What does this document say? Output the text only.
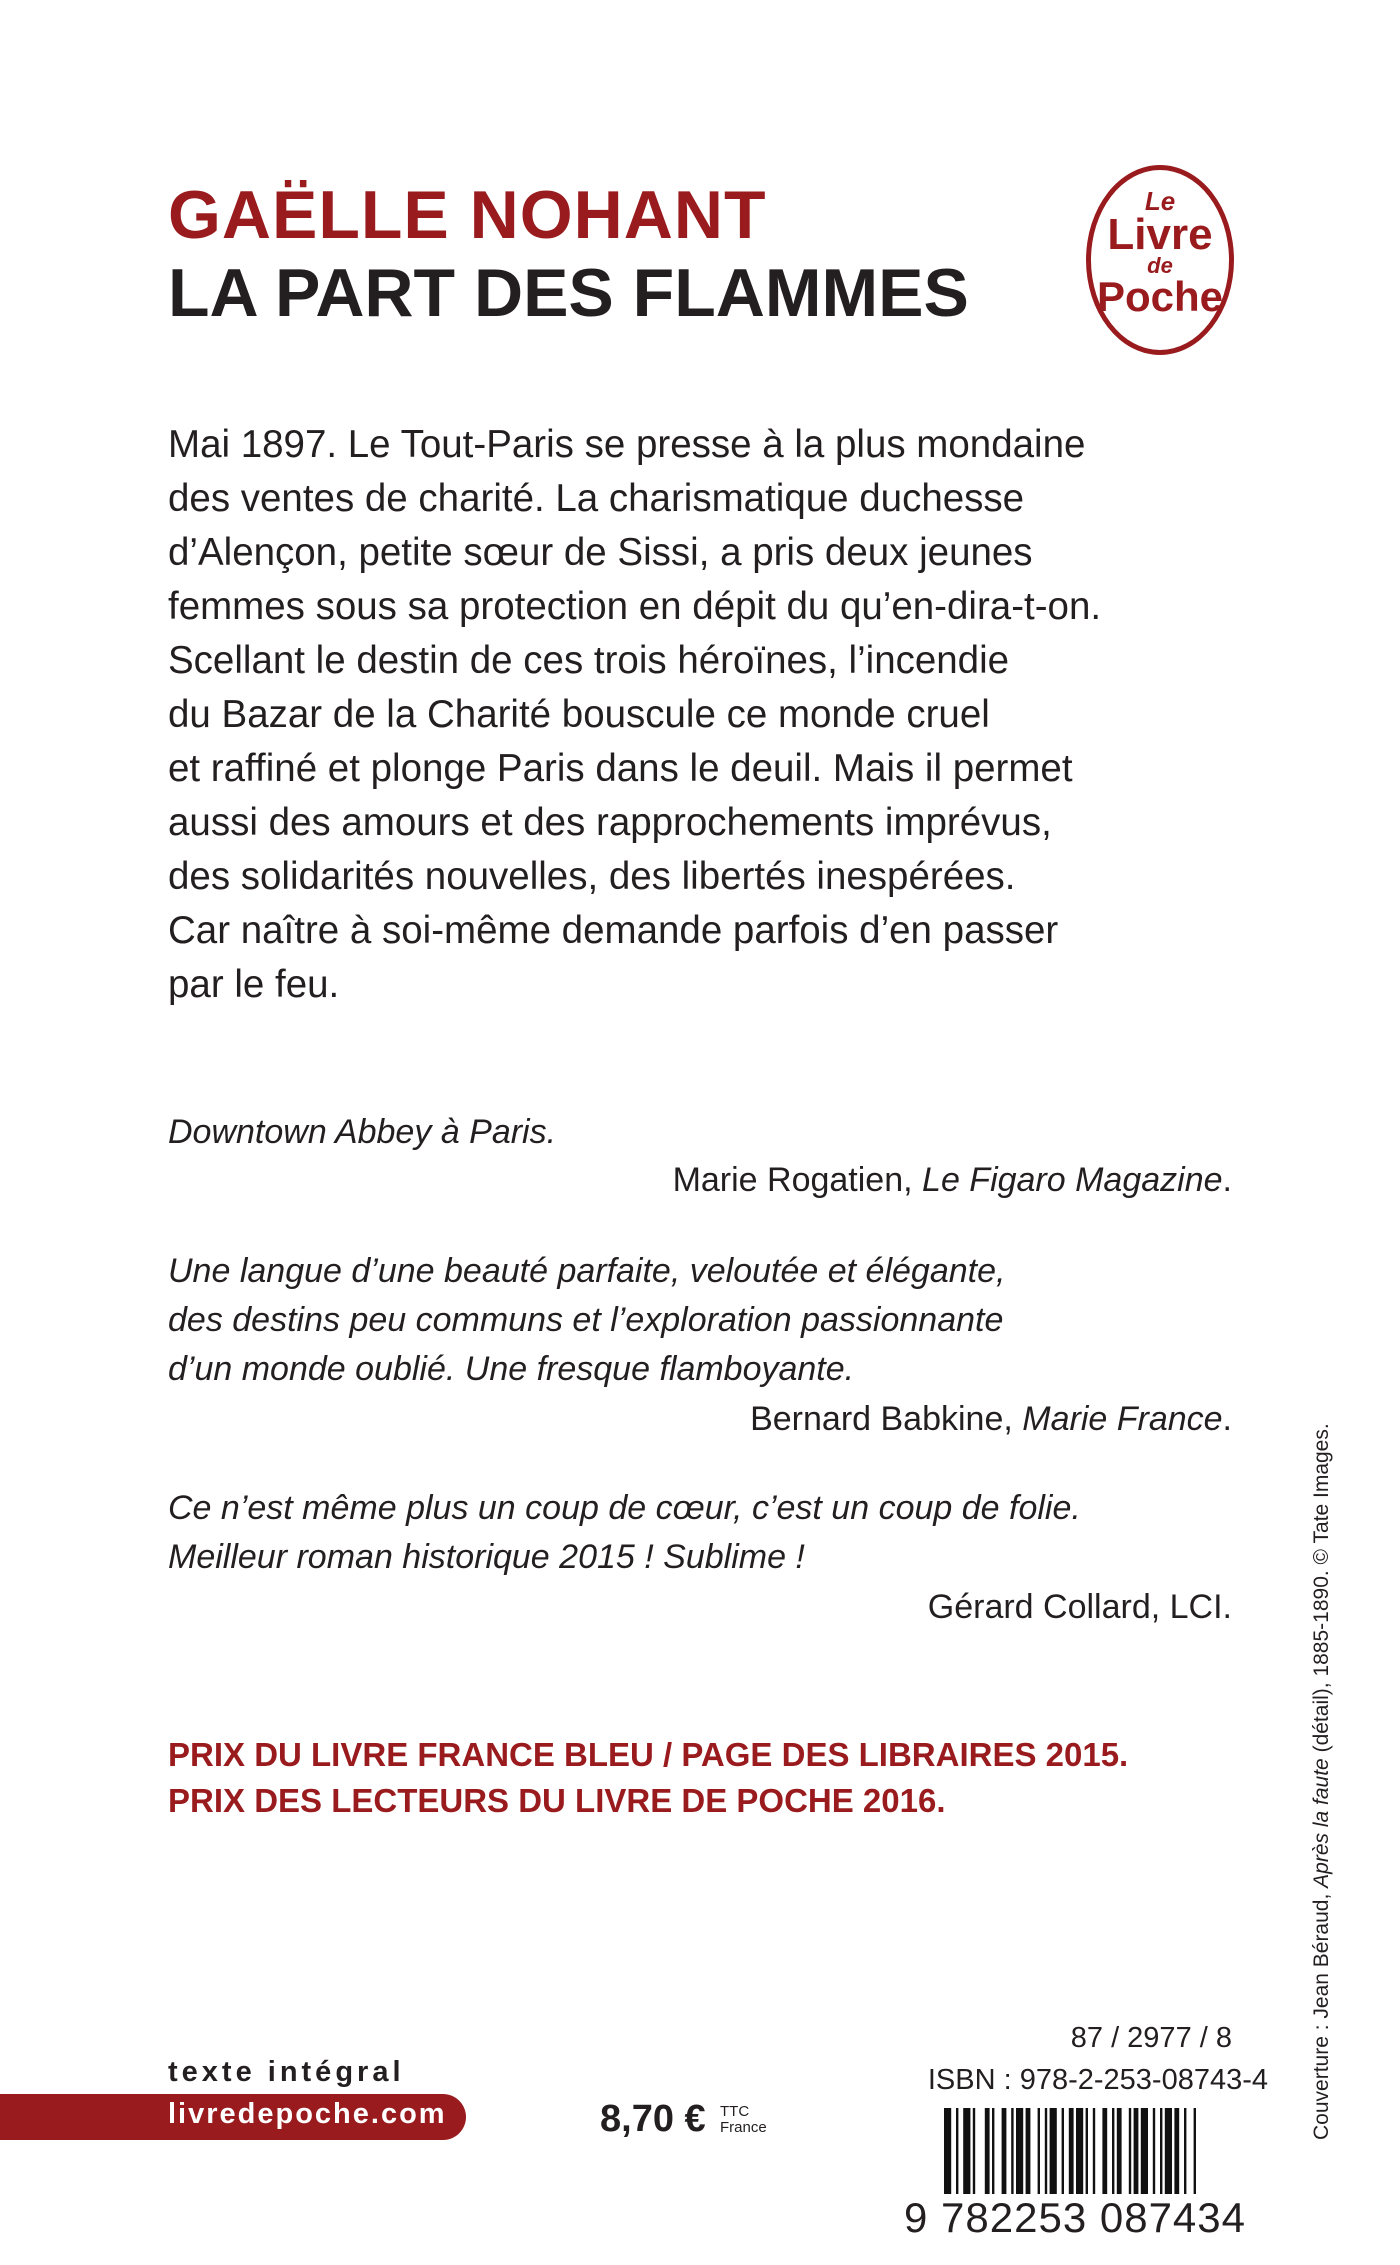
GAËLLE NOHANT
LA PART DES FLAMMES
Le
Livre
de
Poche

Mai 1897. Le Tout-Paris se presse à la plus mondaine

des ventes de charité. La charismatique duchesse

d’Alençon, petite sœur de Sissi, a pris deux jeunes

femmes sous sa protection en dépit du qu’en-dira-t-on.

Scellant le destin de ces trois héroïnes, l’incendie

du Bazar de la Charité bouscule ce monde cruel

et raffiné et plonge Paris dans le deuil. Mais il permet

aussi des amours et des rapprochements imprévus,

des solidarités nouvelles, des libertés inespérées.

Car naître à soi-même demande parfois d’en passer

par le feu.

Downtown Abbey à Paris.
Marie Rogatien, Le Figaro Magazine.
Une langue d’une beauté parfaite, veloutée et élégante,
des destins peu communs et l’exploration passionnante
d’un monde oublié. Une fresque flamboyante.
Bernard Babkine, Marie France.
Ce n’est même plus un coup de cœur, c’est un coup de folie.
Meilleur roman historique 2015 ! Sublime !
Gérard Collard, LCI.
PRIX DU LIVRE FRANCE BLEU / PAGE DES LIBRAIRES 2015.
PRIX DES LECTEURS DU LIVRE DE POCHE 2016.
Couverture : Jean Béraud, Après la faute (détail), 1885-1890. © Tate Images.
texte intégral
livredepoche.com	8,70 € TTC
France
87 / 2977 / 8
ISBN : 978-2-253-08743-4
9 782253 087434
